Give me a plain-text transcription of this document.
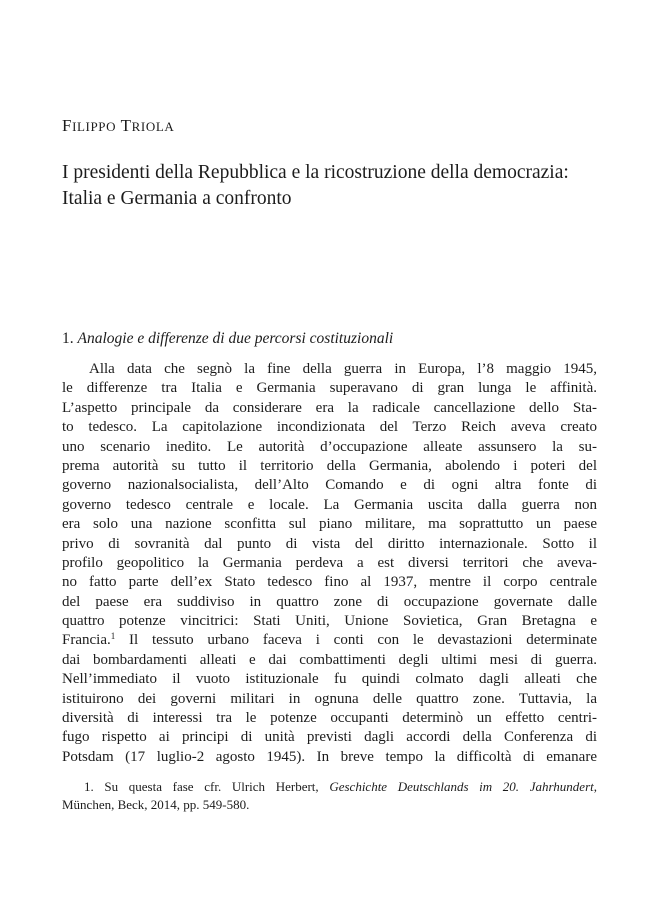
FILIPPO TRIOLA
I presidenti della Repubblica e la ricostruzione della democrazia:
Italia e Germania a confronto
1. Analogie e differenze di due percorsi costituzionali
Alla data che segnò la fine della guerra in Europa, l’8 maggio 1945,
le differenze tra Italia e Germania superavano di gran lunga le affinità.
L’aspetto principale da considerare era la radicale cancellazione dello Sta-
to tedesco. La capitolazione incondizionata del Terzo Reich aveva creato
uno scenario inedito. Le autorità d’occupazione alleate assunsero la su-
prema autorità su tutto il territorio della Germania, abolendo i poteri del
governo nazionalsocialista, dell’Alto Comando e di ogni altra fonte di
governo tedesco centrale e locale. La Germania uscita dalla guerra non
era solo una nazione sconfitta sul piano militare, ma soprattutto un paese
privo di sovranità dal punto di vista del diritto internazionale. Sotto il
profilo geopolitico la Germania perdeva a est diversi territori che aveva-
no fatto parte dell’ex Stato tedesco fino al 1937, mentre il corpo centrale
del paese era suddiviso in quattro zone di occupazione governate dalle
quattro potenze vincitrici: Stati Uniti, Unione Sovietica, Gran Bretagna e
Francia.$^1$ Il tessuto urbano faceva i conti con le devastazioni determinate
dai bombardamenti alleati e dai combattimenti degli ultimi mesi di guerra.
Nell’immediato il vuoto istituzionale fu quindi colmato dagli alleati che
istituirono dei governi militari in ognuna delle quattro zone. Tuttavia, la
diversità di interessi tra le potenze occupanti determinò un effetto centri-
fugo rispetto ai principi di unità previsti dagli accordi della Conferenza di
Potsdam (17 luglio-2 agosto 1945). In breve tempo la difficoltà di emanare
1. Su questa fase cfr. Ulrich Herbert, Geschichte Deutschlands im 20. Jahrhundert,
München, Beck, 2014, pp. 549-580.
